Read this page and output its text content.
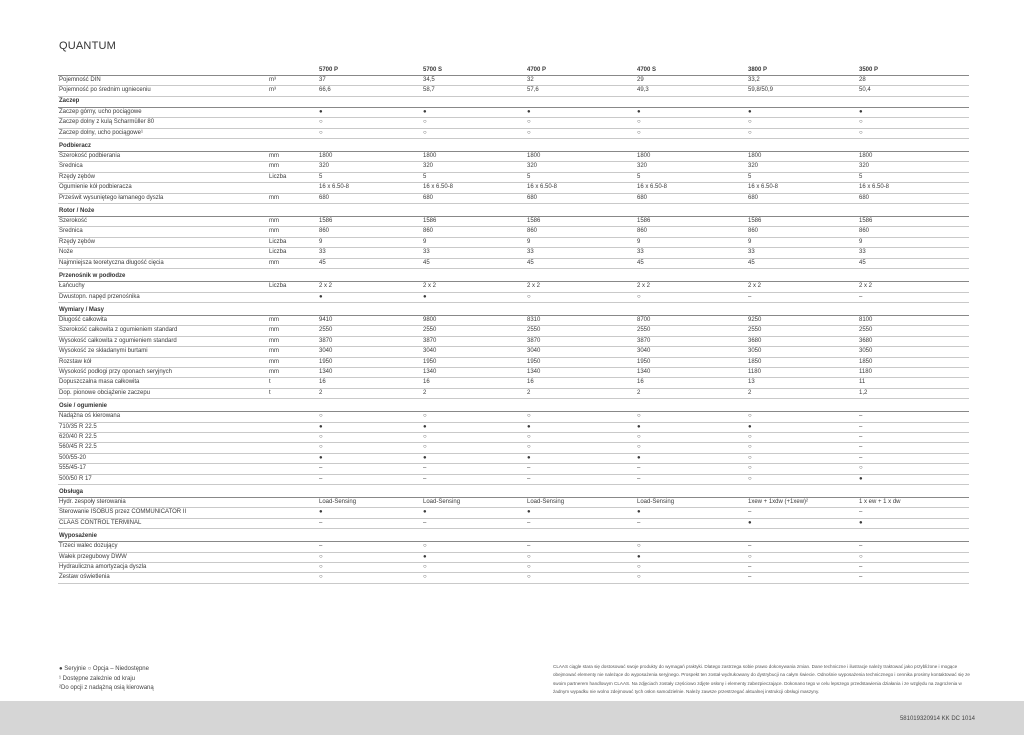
QUANTUM
		5700 P	5700 S	4700 P	4700 S	3800 P	3500 P
Pojemność DIN	m³	37	34,5	32	29	33,2	28
Pojemność po średnim ugnieceniu	m³	66,6	58,7	57,6	49,3	59,8/50,9	50,4
Zaczep							
Zaczep górny, ucho pociągowe		●	●	●	●	●	●
Zaczep dolny z kulą Scharmüller 80		○	○	○	○	○	○
Zaczep dolny, ucho pociągowe¹		○	○	○	○	○	○
Podbieracz							
Szerokość podbierania	mm	1800	1800	1800	1800	1800	1800
Średnica	mm	320	320	320	320	320	320
Rzędy zębów	Liczba	5	5	5	5	5	5
Ogumienie kół podbieracza		16 x 6.50-8	16 x 6.50-8	16 x 6.50-8	16 x 6.50-8	16 x 6.50-8	16 x 6.50-8
Prześwit wysuniętego łamanego dyszla	mm	680	680	680	680	680	680
Rotor / Noże							
Szerokość	mm	1586	1586	1586	1586	1586	1586
Średnica	mm	860	860	860	860	860	860
Rzędy zębów	Liczba	9	9	9	9	9	9
Noże	Liczba	33	33	33	33	33	33
Najmniejsza teoretyczna długość cięcia	mm	45	45	45	45	45	45
Przenośnik w podłodze							
Łańcuchy	Liczba	2 x 2	2 x 2	2 x 2	2 x 2	2 x 2	2 x 2
Dwustopn. napęd przenośnika		●	●	○	○	–	–
Wymiary / Masy							
Długość całkowita	mm	9410	9800	8310	8700	9250	8100
Szerokość całkowita z ogumieniem standard	mm	2550	2550	2550	2550	2550	2550
Wysokość całkowita z ogumieniem standard	mm	3870	3870	3870	3870	3680	3680
Wysokość ze składanymi burtami	mm	3040	3040	3040	3040	3050	3050
Rozstaw kół	mm	1950	1950	1950	1950	1850	1850
Wysokość podłogi przy oponach seryjnych	mm	1340	1340	1340	1340	1180	1180
Dopuszczalna masa całkowita	t	16	16	16	16	13	11
Dop. pionowe obciążenie zaczepu	t	2	2	2	2	2	1,2
Osie / ogumienie							
Nadążna oś kierowana		○	○	○	○	○	–
710/35 R 22.5		●	●	●	●	●	–
620/40 R 22.5		○	○	○	○	○	–
560/45 R 22.5		○	○	○	○	○	–
500/55-20		●	●	●	●	○	–
555/45-17		–	–	–	–	○	○
500/50 R 17		–	–	–	–	○	●
Obsługa							
Hydr. zespoły sterowania		Load-Sensing	Load-Sensing	Load-Sensing	Load-Sensing	1xew + 1xdw (+1xew)²	1 x ew + 1 x dw
Sterowanie ISOBUS przez COMMUNICATOR II		●	●	●	●	–	–
CLAAS CONTROL TERMINAL		–	–	–	–	●	●
Wyposażenie							
Trzeci walec dozujący		–	○	–	○	–	–
Wałek przegubowy DWW		○	●	○	●	○	○
Hydrauliczna amortyzacja dyszla		○	○	○	○	–	–
Zestaw oświetlenia		○	○	○	○	–	–
● Seryjnie ○ Opcja – Niedostępne
¹ Dostępne zależnie od kraju
²Do opcji z nadążną osią kierowaną
CLAAS ciągle stara się dostosować swoje produkty do wymagań praktyki. Dlatego zastrzega sobie prawo dokonywania zmian. Dane techniczne i ilustracje należy traktować jako przybliżone i mogące obejmować elementy nie należące do wyposażenia seryjnego. Prospekt ten został wydrukowany do dystrybucji na całym świecie. Odnośnie wyposażenia technicznego i cennika prosimy kontaktować się ze swoim partnerem handlowym CLAAS. Na zdjęciach zostały częściowo zdjęte osłony i elementy zabezpieczające. Dokonano tego w celu lepszego przedstawienia działania i ze względu na zagrożenia w żadnym wypadku nie wolno zdejmować tych osłon samodzielnie. Należy zawsze przestrzegać aktualnej instrukcji obsługi maszyny.
581019320914 KK DC 1014
